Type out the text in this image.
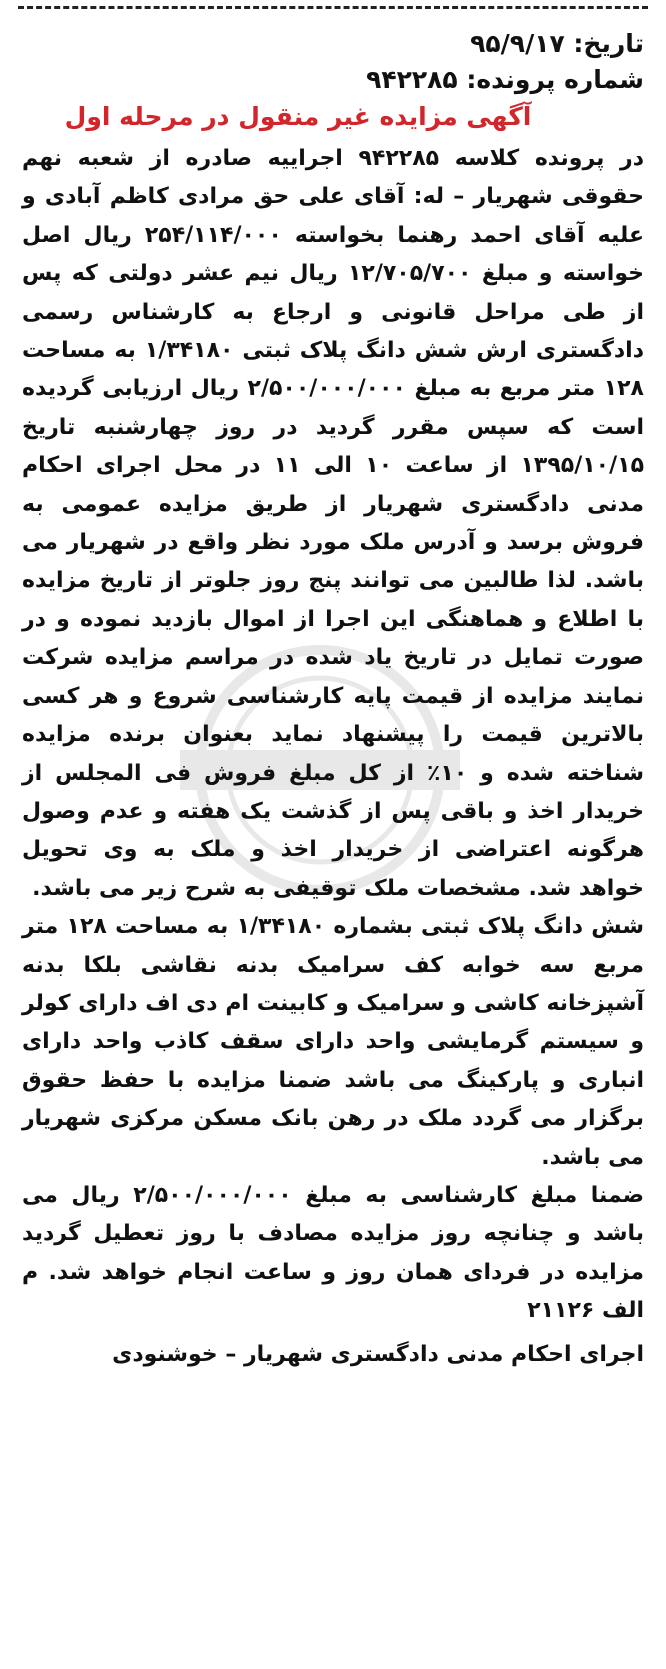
تاریخ: ۹۵/۹/۱۷
شماره پرونده: ۹۴۲۲۸۵
آگهی مزایده غیر منقول در مرحله اول

در پرونده کلاسه ۹۴۲۲۸۵ اجراییه صادره از شعبه نهم حقوقی شهریار – له: آقای علی حق مرادی کاظم آبادی و علیه آقای احمد رهنما بخواسته ۲۵۴/۱۱۴/۰۰۰ ریال اصل خواسته و مبلغ ۱۲/۷۰۵/۷۰۰ ریال نیم عشر دولتی که پس از طی مراحل قانونی و ارجاع به کارشناس رسمی دادگستری ارش شش دانگ پلاک ثبتی ۱/۳۴۱۸۰ به مساحت ۱۲۸ متر مربع به مبلغ ۲/۵۰۰/۰۰۰/۰۰۰ ریال ارزیابی گردیده است که سپس مقرر گردید در روز چهارشنبه تاریخ ۱۳۹۵/۱۰/۱۵ از ساعت ۱۰ الی ۱۱ در محل اجرای احکام مدنی دادگستری شهریار از طریق مزایده عمومی به فروش برسد و آدرس ملک مورد نظر واقع در شهریار می باشد. لذا طالبین می توانند پنج روز جلوتر از تاریخ مزایده با اطلاع و هماهنگی این اجرا از اموال بازدید نموده و در صورت تمایل در تاریخ یاد شده در مراسم مزایده شرکت نمایند مزایده از قیمت پایه کارشناسی شروع و هر کسی بالاترین قیمت را پیشنهاد نماید بعنوان برنده مزایده شناخته شده و ۱۰٪ از کل مبلغ فروش فی المجلس از خریدار اخذ و باقی پس از گذشت یک هفته و عدم وصول هرگونه اعتراضی از خریدار اخذ و ملک به وی تحویل خواهد شد. مشخصات ملک توقیفی به شرح زیر می باشد.

شش دانگ پلاک ثبتی بشماره ۱/۳۴۱۸۰ به مساحت ۱۲۸ متر مربع سه خوابه کف سرامیک بدنه نقاشی بلکا بدنه آشپزخانه کاشی و سرامیک و کابینت ام دی اف دارای کولر و سیستم گرمایشی واحد دارای سقف کاذب واحد دارای انباری و پارکینگ می باشد ضمنا مزایده با حفظ حقوق برگزار می گردد ملک در رهن بانک مسکن مرکزی شهریار می باشد.

ضمنا مبلغ کارشناسی به مبلغ ۲/۵۰۰/۰۰۰/۰۰۰ ریال می باشد و چنانچه روز مزایده مصادف با روز تعطیل گردید مزایده در فردای همان روز و ساعت انجام خواهد شد. م الف ۲۱۱۲۶

اجرای احکام مدنی دادگستری شهریار – خوشنودی
